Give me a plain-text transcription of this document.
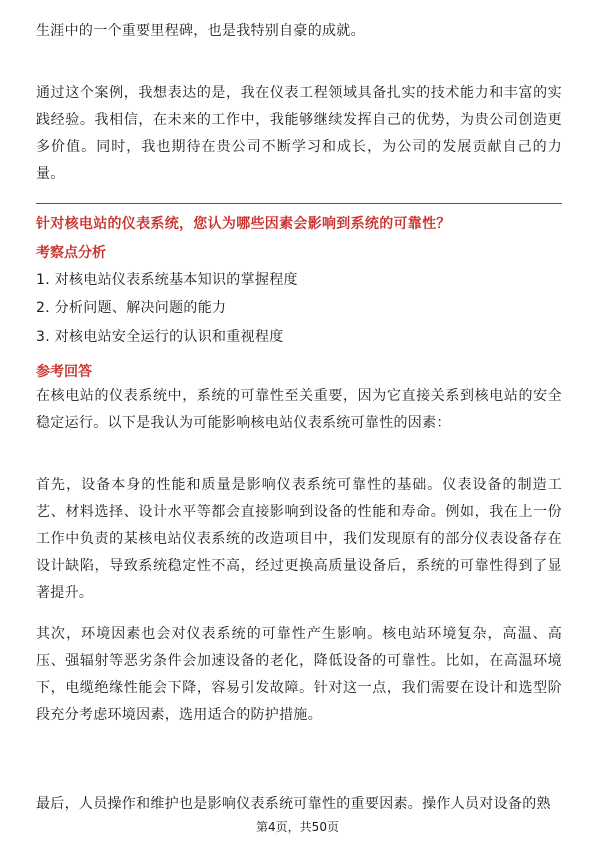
生涯中的一个重要里程碑，也是我特别自豪的成就。

通过这个案例，我想表达的是，我在仪表工程领域具备扎实的技术能力和丰富的实践经验。我相信，在未来的工作中，我能够继续发挥自己的优势，为贵公司创造更多价值。同时，我也期待在贵公司不断学习和成长，为公司的发展贡献自己的力量。

针对核电站的仪表系统，您认为哪些因素会影响到系统的可靠性？
考察点分析
1. 对核电站仪表系统基本知识的掌握程度
2. 分析问题、解决问题的能力
3. 对核电站安全运行的认识和重视程度
参考回答

在核电站的仪表系统中，系统的可靠性至关重要，因为它直接关系到核电站的安全稳定运行。以下是我认为可能影响核电站仪表系统可靠性的因素：

首先，设备本身的性能和质量是影响仪表系统可靠性的基础。仪表设备的制造工艺、材料选择、设计水平等都会直接影响到设备的性能和寿命。例如，我在上一份工作中负责的某核电站仪表系统的改造项目中，我们发现原有的部分仪表设备存在设计缺陷，导致系统稳定性不高，经过更换高质量设备后，系统的可靠性得到了显著提升。

其次，环境因素也会对仪表系统的可靠性产生影响。核电站环境复杂，高温、高压、强辐射等恶劣条件会加速设备的老化，降低设备的可靠性。比如，在高温环境下，电缆绝缘性能会下降，容易引发故障。针对这一点，我们需要在设计和选型阶段充分考虑环境因素，选用适合的防护措施。

最后，人员操作和维护也是影响仪表系统可靠性的重要因素。操作人员对设备的熟

第4页，共50页
